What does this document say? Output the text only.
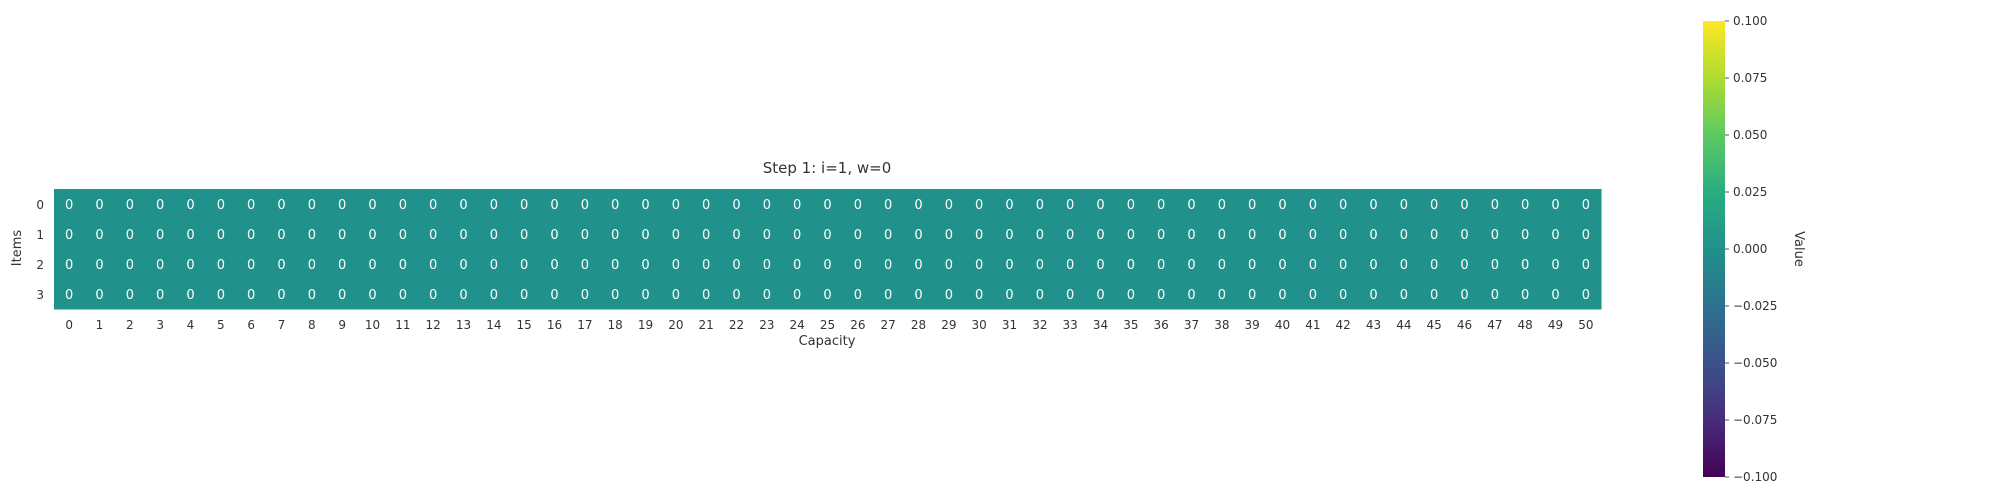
0 0 0 0 0 0 0 0 0 0 0 0 0 0 0 0 0 0 0 0 0 0 0 0 0 0 0 0 0 0 0 0 0 0 0 0 0 0 0 0 0 0 0 0 0 0 0 0 0 0 0
0 0 0 0 0 0 0 0 0 0 0 0 0 0 0 0 0 0 0 0 0 0 0 0 0 0 0 0 0 0 0 0 0 0 0 0 0 0 0 0 0 0 0 0 0 0 0 0 0 0 0
0 0 0 0 0 0 0 0 0 0 0 0 0 0 0 0 0 0 0 0 0 0 0 0 0 0 0 0 0 0 0 0 0 0 0 0 0 0 0 0 0 0 0 0 0 0 0 0 0 0 0
0 0 0 0 0 0 0 0 0 0 0 0 0 0 0 0 0 0 0 0 0 0 0 0 0 0 0 0 0 0 0 0 0 0 0 0 0 0 0 0 0 0 0 0 0 0 0 0 0 0 0
0 1 2 3 4 5 6 7 8 9 10 11 12 13 14 15 16 17 18 19 20 21 22 23 24 25 26 27 28 29 30 31 32 33 34 35 36 37 38 39 40 41 42 43 44 45 46 47 48 49 50
0
1
2
3
Step 1: i=1, w=0
Capacity
Items
0.100
0.075
0.050
0.025
0.000
−0.025
−0.050
−0.075
−0.100
Value
